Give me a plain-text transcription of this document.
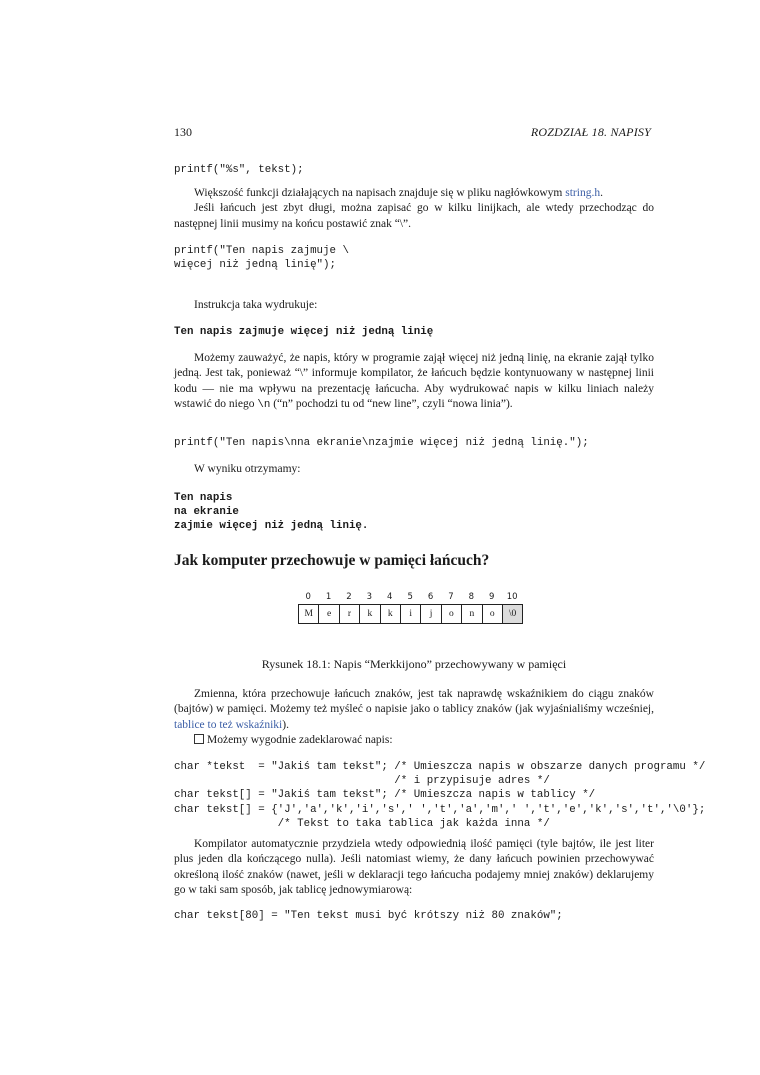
130	ROZDZIAŁ 18. NAPISY
printf("%s", tekst);

Większość funkcji działających na napisach znajduje się w pliku nagłówkowym string.h.

Jeśli łańcuch jest zbyt długi, można zapisać go w kilku linijkach, ale wtedy przechodząc do następnej linii musimy na końcu postawić znak “\”.

printf("Ten napis zajmuje \
więcej niż jedną linię");

Instrukcja taka wydrukuje:

Ten napis zajmuje więcej niż jedną linię

Możemy zauważyć, że napis, który w programie zajął więcej niż jedną linię, na ekranie zajął tylko jedną. Jest tak, ponieważ “\” informuje kompilator, że łańcuch będzie kontynuowany w następnej linii kodu — nie ma wpływu na prezentację łańcucha. Aby wydrukować napis w kilku liniach należy wstawić do niego \n (“n” pochodzi tu od “new line”, czyli “nowa linia”).

printf("Ten napis\nna ekranie\nzajmie więcej niż jedną linię.");

W wyniku otrzymamy:

Ten napis
na ekranie
zajmie więcej niż jedną linię.
Jak komputer przechowuje w pamięci łańcuch?
0	1	2	3	4	5	6	7	8	9	10
M	e	r	k	k	i	j	o	n	o	\0
Rysunek 18.1: Napis “Merkkijono” przechowywany w pamięci

Zmienna, która przechowuje łańcuch znaków, jest tak naprawdę wskaźnikiem do ciągu znaków (bajtów) w pamięci. Możemy też myśleć o napisie jako o tablicy znaków (jak wyjaśnialiśmy wcześniej, tablice to też wskaźniki).

Możemy wygodnie zadeklarować napis:

char *tekst  = "Jakiś tam tekst"; /* Umieszcza napis w obszarze danych programu */
/* i przypisuje adres */
char tekst[] = "Jakiś tam tekst"; /* Umieszcza napis w tablicy */
char tekst[] = {'J','a','k','i','s',' ','t','a','m',' ','t','e','k','s','t','\0'};
/* Tekst to taka tablica jak każda inna */

Kompilator automatycznie przydziela wtedy odpowiednią ilość pamięci (tyle bajtów, ile jest liter plus jeden dla kończącego nulla). Jeśli natomiast wiemy, że dany łańcuch powinien przechowywać określoną ilość znaków (nawet, jeśli w deklaracji tego łańcucha podajemy mniej znaków) deklarujemy go w taki sam sposób, jak tablicę jednowymiarową:

char tekst[80] = "Ten tekst musi być krótszy niż 80 znaków";
